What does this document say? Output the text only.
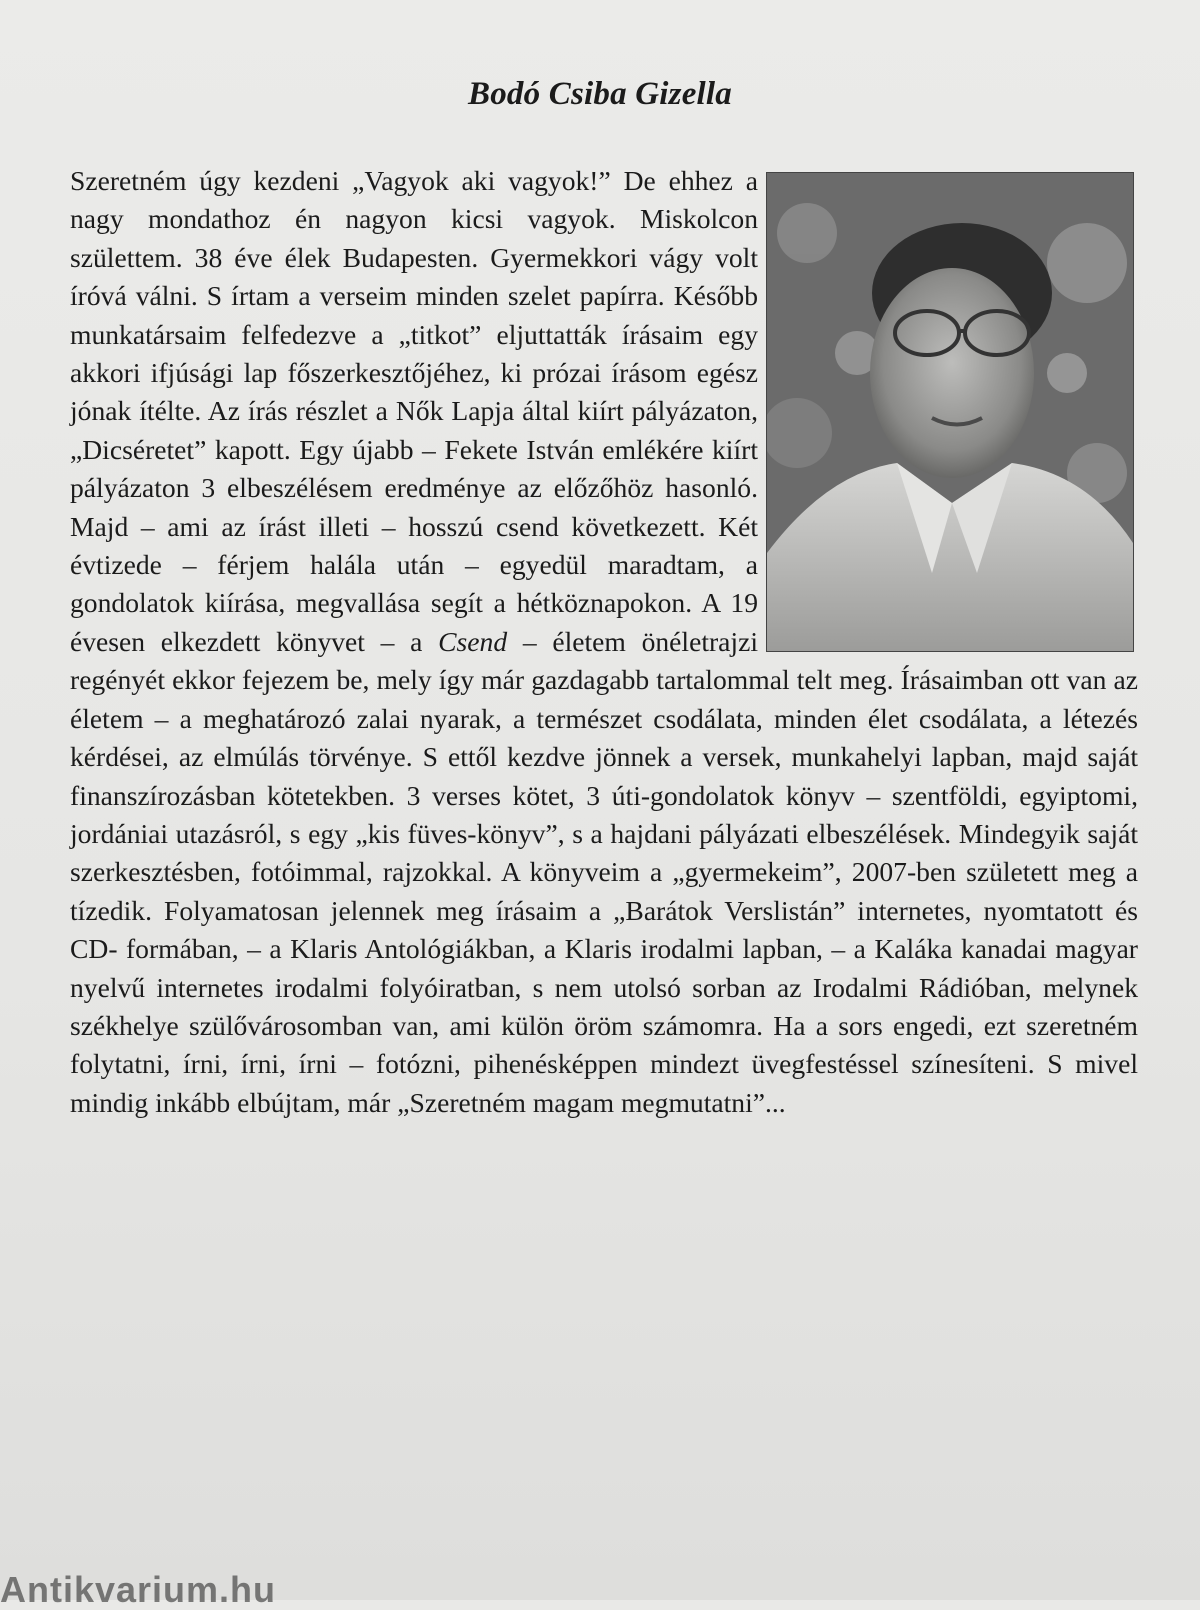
Bodó Csiba Gizella

Szeretném úgy kezdeni „Vagyok aki vagyok!” De ehhez a nagy mondathoz én nagyon kicsi vagyok. Miskolcon születtem. 38 éve élek Budapesten. Gyermekkori vágy volt íróvá válni. S írtam a verseim minden szelet papírra. Később munkatársaim felfedezve a „titkot” eljuttatták írásaim egy akkori ifjúsági lap főszerkesztőjéhez, ki prózai írásom egész jónak ítélte. Az írás részlet a Nők Lapja által kiírt pályázaton, „Dicséretet” kapott. Egy újabb – Fekete István emlékére kiírt pályázaton 3 elbeszélésem eredménye az előzőhöz hasonló. Majd – ami az írást illeti – hosszú csend következett. Két évtizede – férjem halála után – egyedül maradtam, a gondolatok kiírása, megvallása segít a hétköznapokon. A 19 évesen elkezdett könyvet – a Csend – életem önéletrajzi regényét ekkor fejezem be, mely így már gazdagabb tartalommal telt meg. Írásaimban ott van az életem – a meghatározó zalai nyarak, a természet csodálata, minden élet csodálata, a létezés kérdései, az elmúlás törvénye. S ettől kezdve jönnek a versek, munkahelyi lapban, majd saját finanszírozásban kötetekben. 3 verses kötet, 3 úti-gondolatok könyv – szentföldi, egyiptomi, jordániai utazásról, s egy „kis füves-könyv”, s a hajdani pályázati elbeszélések. Mindegyik saját szerkesztésben, fotóimmal, rajzokkal. A könyveim a „gyermekeim”, 2007-ben született meg a tízedik. Folyamatosan jelennek meg írásaim a „Barátok Verslistán” internetes, nyomtatott és CD- formában, – a Klaris Antológiákban, a Klaris irodalmi lapban, – a Kaláka kanadai magyar nyelvű internetes irodalmi folyóiratban, s nem utolsó sorban az Irodalmi Rádióban, melynek székhelye szülővárosomban van, ami külön öröm számomra. Ha a sors engedi, ezt szeretném folytatni, írni, írni, írni – fotózni, pihenésképpen mindezt üvegfestéssel színesíteni. S mivel mindig inkább elbújtam, már „Szeretném magam megmutatni”...

Antikvarium.hu
